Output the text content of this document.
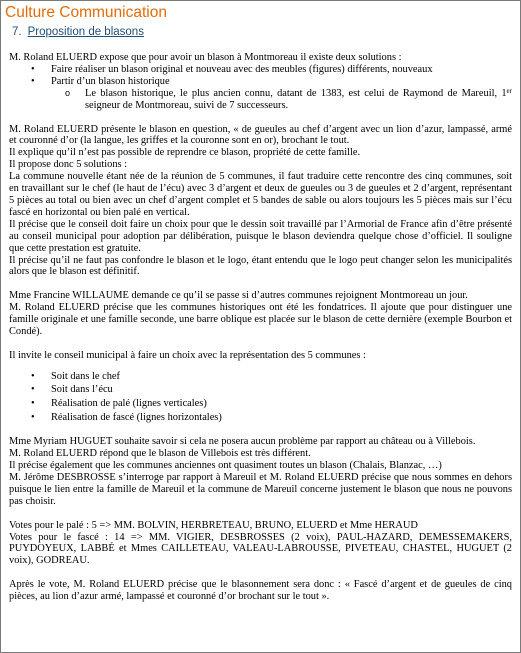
Culture Communication
7. Proposition de blasons

M. Roland ELUERD expose que pour avoir un blason à Montmoreau il existe deux solutions :

• Faire réaliser un blason original et nouveau avec des meubles (figures) différents, nouveaux
• Partir d’un blason historique
o Le blason historique, le plus ancien connu, datant de 1383, est celui de Raymond de Mareuil, 1er seigneur de Montmoreau, suivi de 7 successeurs.

M. Roland ELUERD présente le blason en question, « de gueules au chef d’argent avec un lion d’azur, lampassé, armé et couronné d’or (la langue, les griffes et la couronne sont en or), brochant le tout.

Il explique qu’il n’est pas possible de reprendre ce blason, propriété de cette famille.

Il propose donc 5 solutions :

La commune nouvelle étant née de la réunion de 5 communes, il faut traduire cette rencontre des cinq communes, soit en travaillant sur le chef (le haut de l’écu) avec 3 d’argent et deux de gueules ou 3 de gueules et 2 d’argent, représentant 5 pièces au total ou bien avec un chef d’argent complet et 5 bandes de sable ou alors toujours les 5 pièces mais sur l’écu fascé en horizontal ou bien palé en vertical.

Il précise que le conseil doit faire un choix pour que le dessin soit travaillé par l’Armorial de France afin d’être présenté au conseil municipal pour adoption par délibération, puisque le blason deviendra quelque chose d’officiel. Il souligne que cette prestation est gratuite.

Il précise qu’il ne faut pas confondre le blason et le logo, étant entendu que le logo peut changer selon les municipalités alors que le blason est définitif.

Mme Francine WILLAUME demande ce qu’il se passe si d’autres communes rejoignent Montmoreau un jour.

M. Roland ELUERD précise que les communes historiques ont été les fondatrices. Il ajoute que pour distinguer une famille originale et une famille seconde, une barre oblique est placée sur le blason de cette dernière (exemple Bourbon et Condé).

Il invite le conseil municipal à faire un choix avec la représentation des 5 communes :

• Soit dans le chef
• Soit dans l’écu
• Réalisation de palé (lignes verticales)
• Réalisation de fascé (lignes horizontales)

Mme Myriam HUGUET souhaite savoir si cela ne posera aucun problème par rapport au château ou à Villebois.

M. Roland ELUERD répond que le blason de Villebois est très différent.

Il précise également que les communes anciennes ont quasiment toutes un blason (Chalais, Blanzac, …)

M. Jérôme DESBROSSE s’interroge par rapport à Mareuil et M. Roland ELUERD précise que nous sommes en dehors puisque le lien entre la famille de Mareuil et la commune de Mareuil concerne justement le blason que nous ne pouvons pas choisir.

Votes pour le palé : 5 => MM. BOLVIN, HERBRETEAU, BRUNO, ELUERD et Mme HERAUD

Votes pour le fascé : 14 => MM. VIGIER, DESBROSSES (2 voix), PAUL-HAZARD, DEMESSEMAKERS, PUYDOYEUX, LABBÉ et Mmes CAILLETEAU, VALEAU-LABROUSSE, PIVETEAU, CHASTEL, HUGUET (2 voix), GODREAU.

Après le vote, M. Roland ELUERD précise que le blasonnement sera donc : « Fascé d’argent et de gueules de cinq pièces, au lion d’azur armé, lampassé et couronné d’or brochant sur le tout ».
